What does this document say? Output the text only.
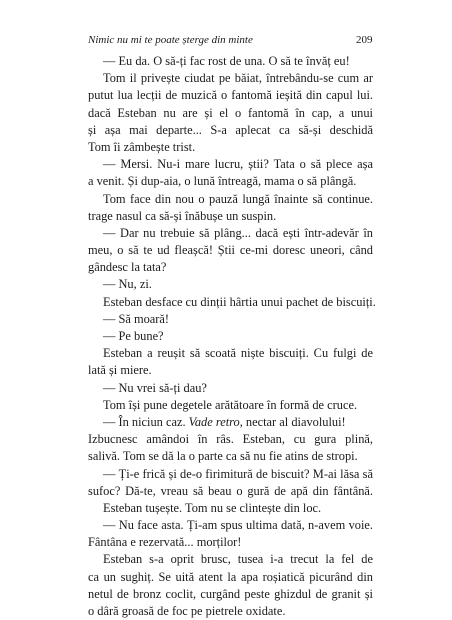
Nimic nu mi te poate șterge din minte	209
— Eu da. O să-ți fac rost de una. O să te învăț eu!
Tom il privește ciudat pe băiat, întrebându-se cum ar
putut lua lecții de muzică o fantomă ieșită din capul lui.
dacă Esteban nu are și el o fantomă în cap, a unui
și așa mai departe... S-a aplecat ca să-și deschidă
Tom îi zâmbește trist.
— Mersi. Nu-i mare lucru, știi? Tata o să plece așa
a venit. Și dup-aia, o lună întreagă, mama o să plângă.
Tom face din nou o pauză lungă înainte să continue.
trage nasul ca să-și înăbușe un suspin.
— Dar nu trebuie să plâng... dacă ești într-adevăr în
meu, o să te ud fleașcă! Știi ce-mi doresc uneori, când
gândesc la tata?
— Nu, zi.
Esteban desface cu dinții hârtia unui pachet de biscuiți.
— Să moară!
— Pe bune?
Esteban a reușit să scoată niște biscuiți. Cu fulgi de
lată și miere.
— Nu vrei să-ți dau?
Tom își pune degetele arătătoare în formă de cruce.
— În niciun caz. Vade retro, nectar al diavolului!
Izbucnesc amândoi în râs. Esteban, cu gura plină,
salivă. Tom se dă la o parte ca să nu fie atins de stropi.
— Ți-e frică și de-o firimitură de biscuit? M-ai lăsa să
sufoc? Dă-te, vreau să beau o gură de apă din fântână.
Esteban tușește. Tom nu se clintește din loc.
— Nu face asta. Ți-am spus ultima dată, n-avem voie.
Fântâna e rezervată... morților!
Esteban s-a oprit brusc, tusea i-a trecut la fel de
ca un sughiț. Se uită atent la apa roșiatică picurând din
netul de bronz coclit, curgând peste ghizdul de granit și
o dâră groasă de foc pe pietrele oxidate.
